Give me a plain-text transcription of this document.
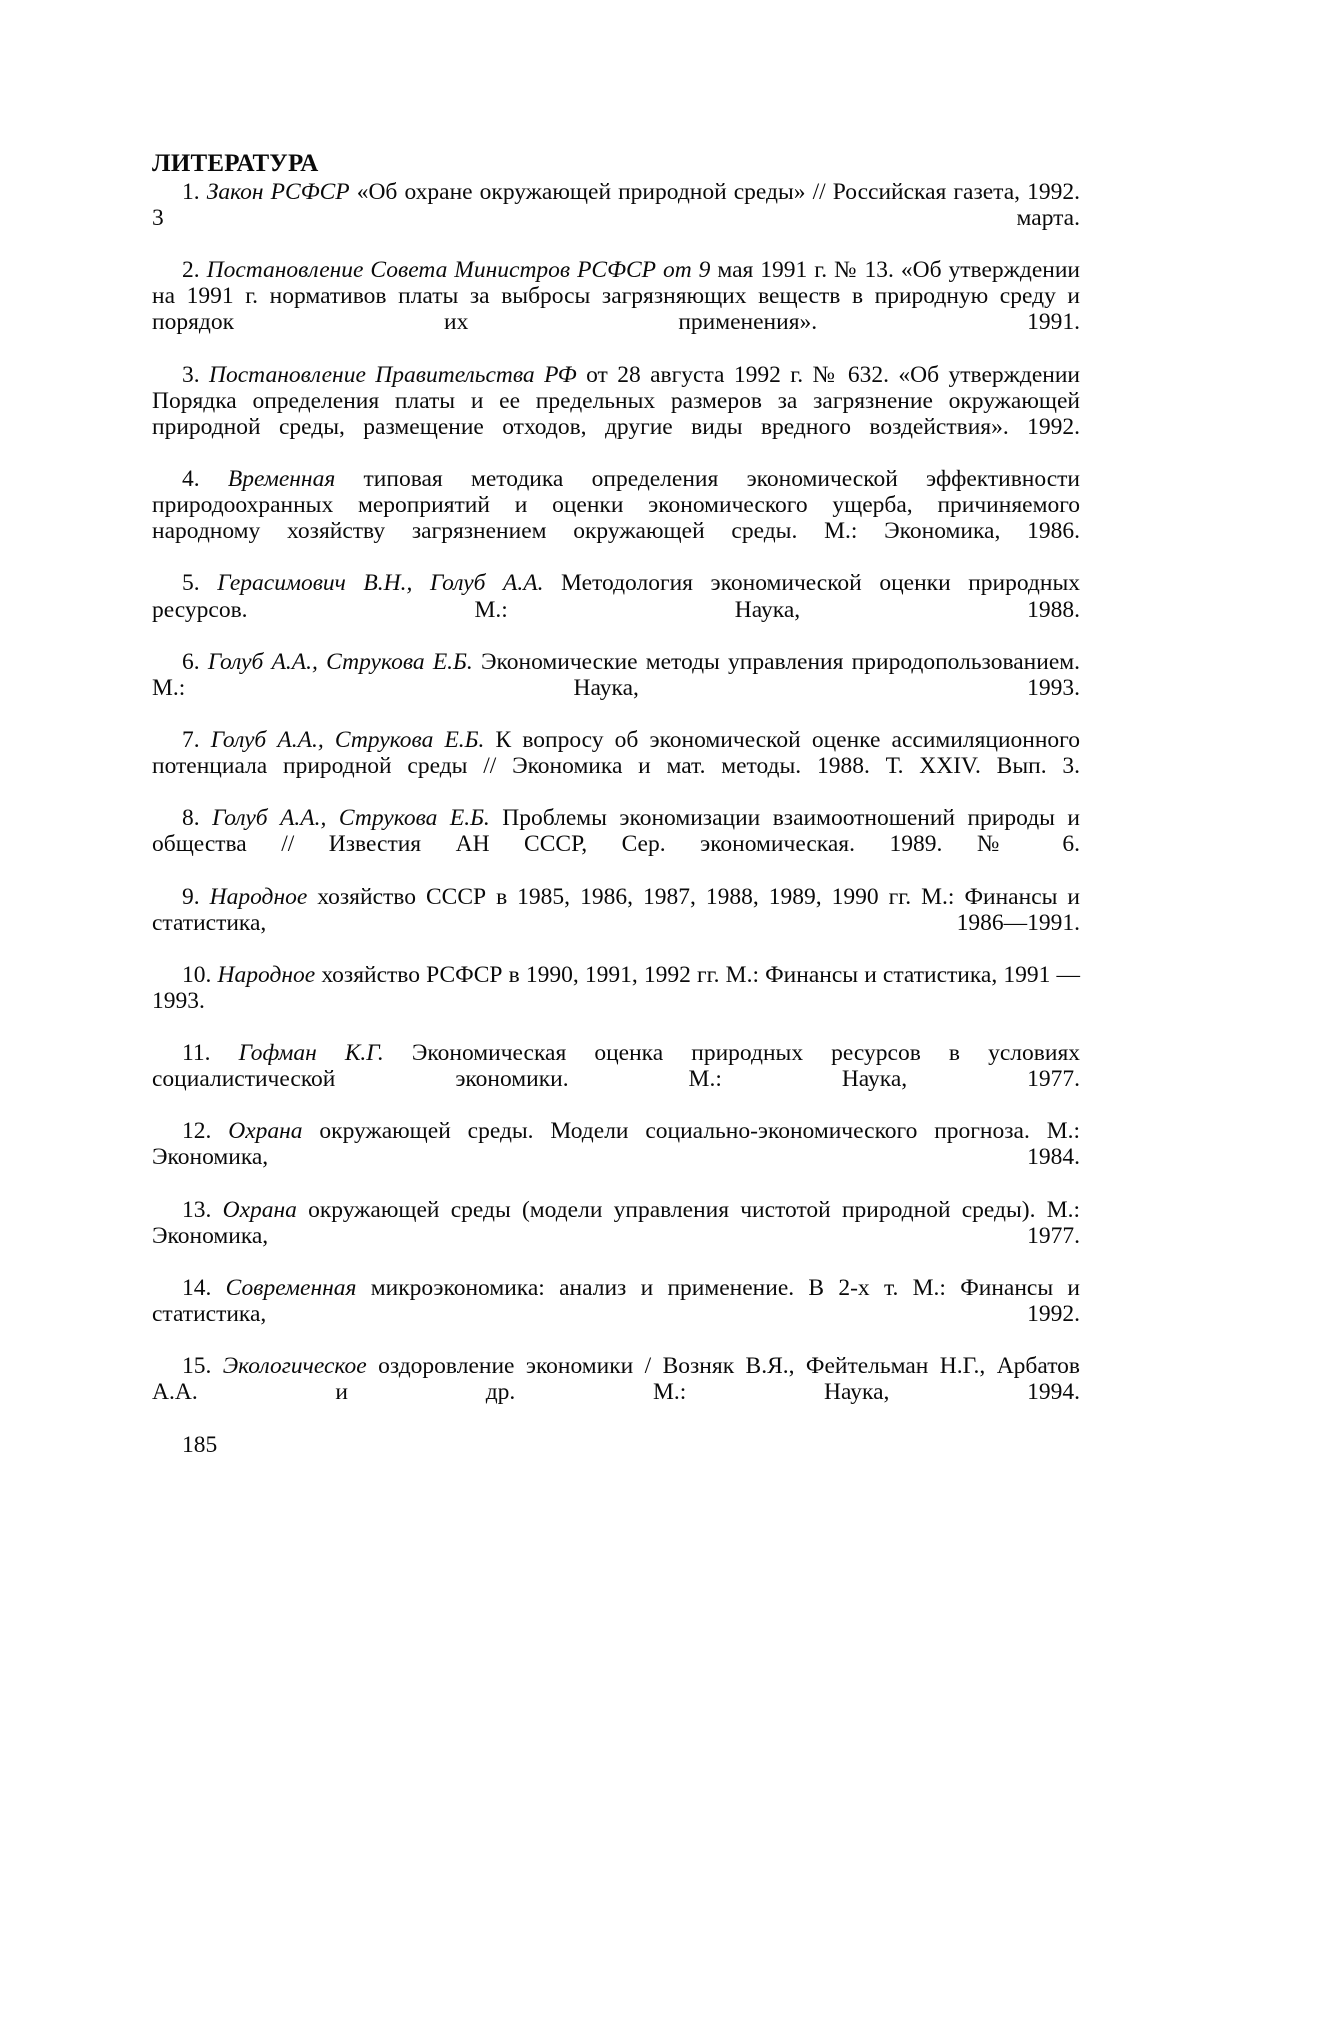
ЛИТЕРАТУРА

1. Закон РСФСР «Об охране окружающей природной среды» // Российская газета, 1992. 3 марта.

2. Постановление Совета Министров РСФСР от 9 мая 1991 г. № 13. «Об утверждении на 1991 г. нормативов платы за выбросы загрязняющих веществ в природную среду и порядок их применения». 1991.

3. Постановление Правительства РФ от 28 августа 1992 г. № 632. «Об утверждении Порядка определения платы и ее предельных размеров за загрязнение окружающей природной среды, размещение отходов, другие виды вредного воздействия». 1992.

4. Временная типовая методика определения экономической эффективности природоохранных мероприятий и оценки экономического ущерба, причиняемого народному хозяйству загрязнением окружающей среды. М.: Экономика, 1986.

5. Герасимович В.Н., Голуб А.А. Методология экономической оценки природных ресурсов. М.: Наука, 1988.

6. Голуб А.А., Струкова Е.Б. Экономические методы управления природопользованием. М.: Наука, 1993.

7. Голуб А.А., Струкова Е.Б. К вопросу об экономической оценке ассимиляционного потенциала природной среды // Экономика и мат. методы. 1988. Т. XXIV. Вып. 3.

8. Голуб А.А., Струкова Е.Б. Проблемы экономизации взаимоотношений природы и общества // Известия АН СССР, Сер. экономическая. 1989. № 6.

9. Народное хозяйство СССР в 1985, 1986, 1987, 1988, 1989, 1990 гг. М.: Финансы и статистика, 1986—1991.

10. Народное хозяйство РСФСР в 1990, 1991, 1992 гг. М.: Финансы и статистика, 1991 — 1993.

11. Гофман К.Г. Экономическая оценка природных ресурсов в условиях социалистической экономики. М.: Наука, 1977.

12. Охрана окружающей среды. Модели социально-экономического прогноза. М.: Экономика, 1984.

13. Охрана окружающей среды (модели управления чистотой природной среды). М.: Экономика, 1977.

14. Современная микроэкономика: анализ и применение. В 2-х т. М.: Финансы и статистика, 1992.

15. Экологическое оздоровление экономики / Возняк В.Я., Фейтельман Н.Г., Арбатов А.А. и др. М.: Наука, 1994.

185
